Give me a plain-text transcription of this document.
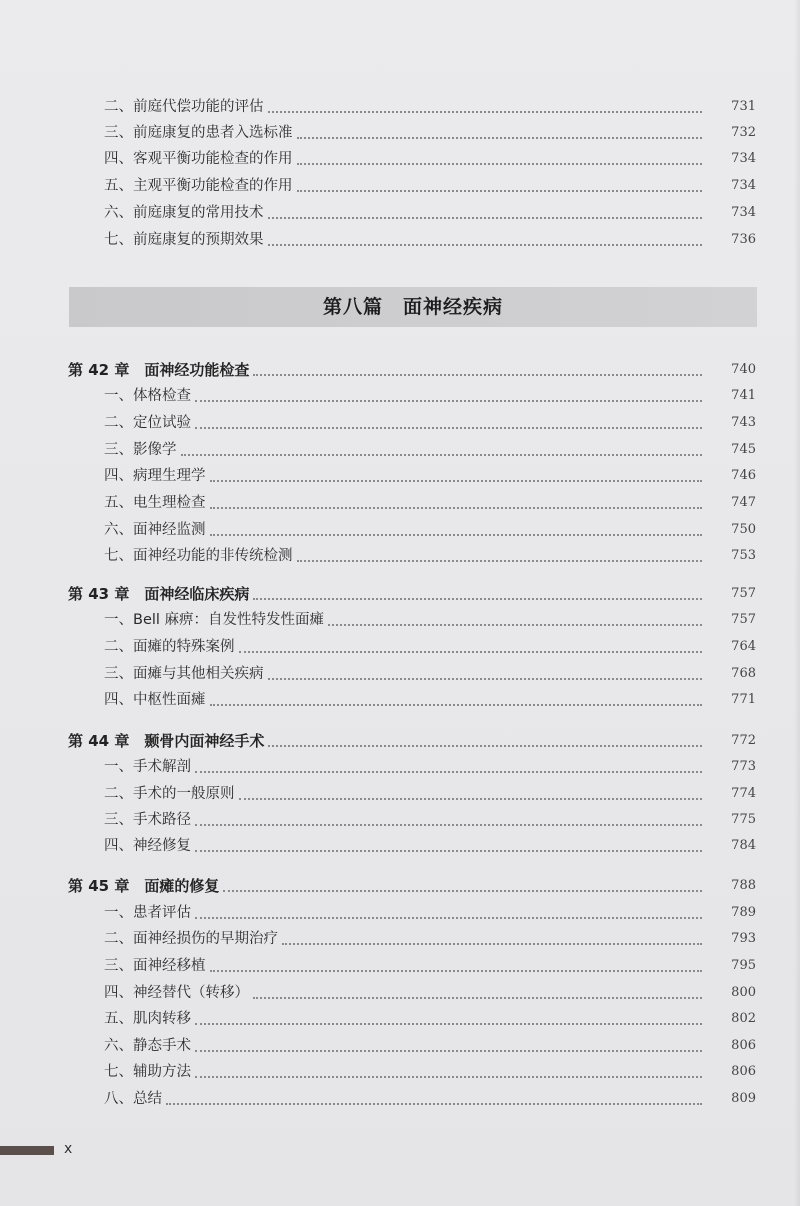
二、前庭代偿功能的评估	731
三、前庭康复的患者入选标准	732
四、客观平衡功能检查的作用	734
五、主观平衡功能检查的作用	734
六、前庭康复的常用技术	734
七、前庭康复的预期效果	736
第八篇　面神经疾病
第 42 章　面神经功能检查	740
一、体格检查	741
二、定位试验	743
三、影像学	745
四、病理生理学	746
五、电生理检查	747
六、面神经监测	750
七、面神经功能的非传统检测	753
第 43 章　面神经临床疾病	757
一、Bell 麻痹：自发性特发性面瘫	757
二、面瘫的特殊案例	764
三、面瘫与其他相关疾病	768
四、中枢性面瘫	771
第 44 章　颞骨内面神经手术	772
一、手术解剖	773
二、手术的一般原则	774
三、手术路径	775
四、神经修复	784
第 45 章　面瘫的修复	788
一、患者评估	789
二、面神经损伤的早期治疗	793
三、面神经移植	795
四、神经替代（转移）	800
五、肌肉转移	802
六、静态手术	806
七、辅助方法	806
八、总结	809
x
